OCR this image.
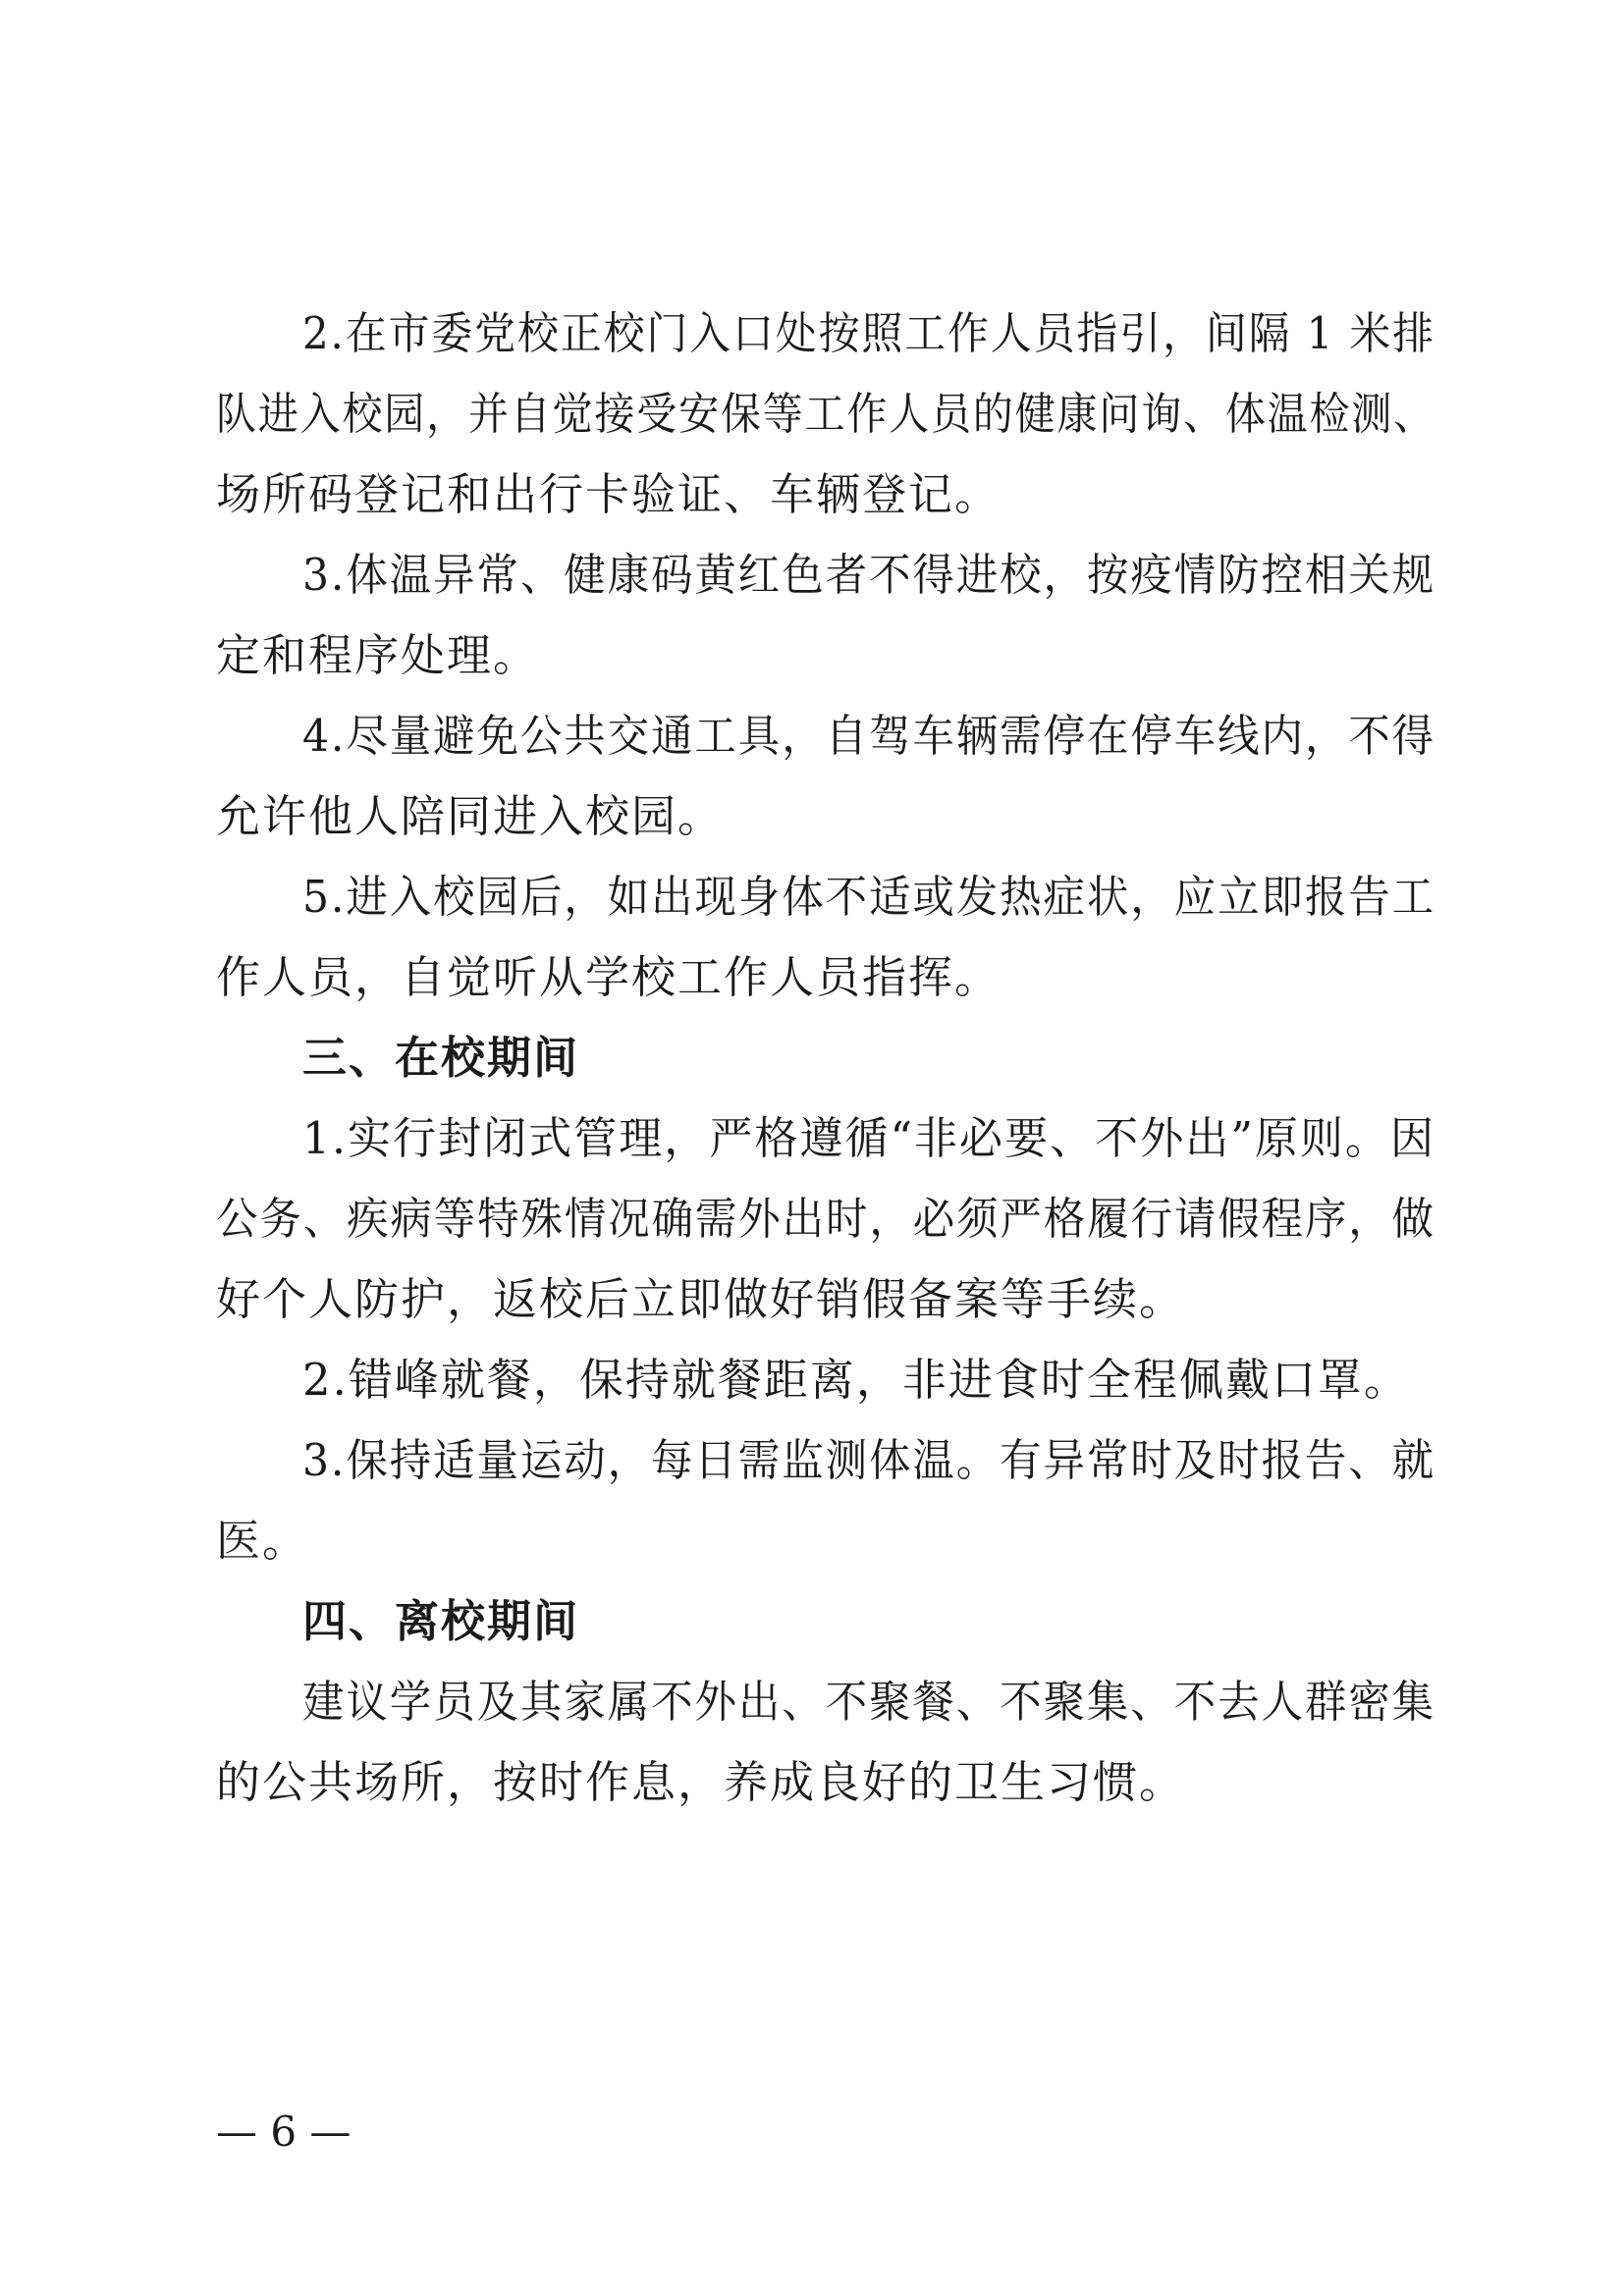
2.在市委党校正校门入口处按照工作人员指引，间隔 1 米排
队进入校园，并自觉接受安保等工作人员的健康问询、体温检测、
场所码登记和出行卡验证、车辆登记。
3.体温异常、健康码黄红色者不得进校，按疫情防控相关规
定和程序处理。
4.尽量避免公共交通工具，自驾车辆需停在停车线内，不得
允许他人陪同进入校园。
5.进入校园后，如出现身体不适或发热症状，应立即报告工
作人员，自觉听从学校工作人员指挥。
三、在校期间
1.实行封闭式管理，严格遵循“非必要、不外出”原则。因
公务、疾病等特殊情况确需外出时，必须严格履行请假程序，做
好个人防护，返校后立即做好销假备案等手续。
2.错峰就餐，保持就餐距离，非进食时全程佩戴口罩。
3.保持适量运动，每日需监测体温。有异常时及时报告、就
医。
四、离校期间
建议学员及其家属不外出、不聚餐、不聚集、不去人群密集
的公共场所，按时作息，养成良好的卫生习惯。
— 6 —
